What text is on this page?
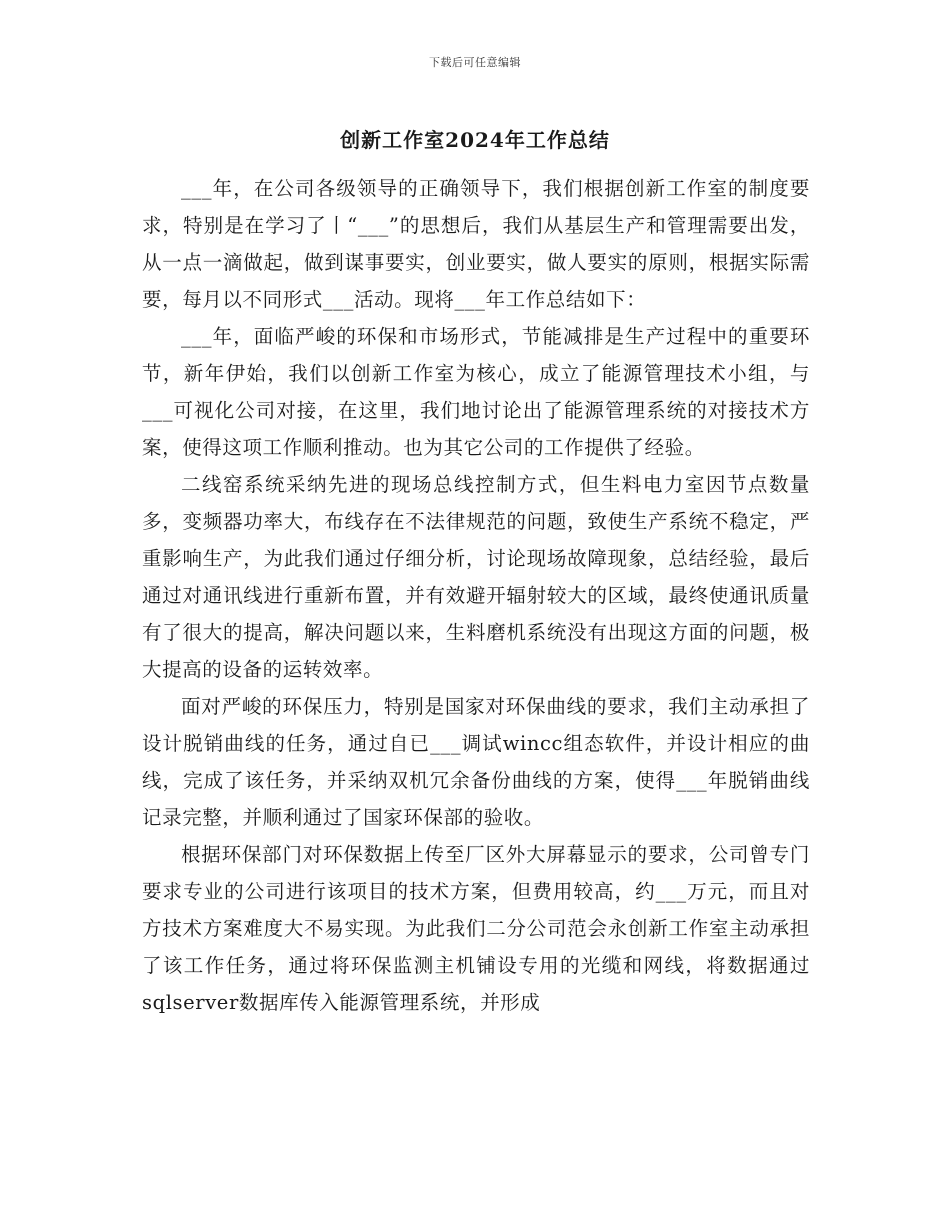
下载后可任意编辑
创新工作室2024年工作总结

___年，在公司各级领导的正确领导下，我们根据创新工作室的制度要求，特别是在学习了丨“___”的思想后，我们从基层生产和管理需要出发，从一点一滴做起，做到谋事要实，创业要实，做人要实的原则，根据实际需要，每月以不同形式___活动。现将___年工作总结如下：

___年，面临严峻的环保和市场形式，节能减排是生产过程中的重要环节，新年伊始，我们以创新工作室为核心，成立了能源管理技术小组，与___可视化公司对接，在这里，我们地讨论出了能源管理系统的对接技术方案，使得这项工作顺利推动。也为其它公司的工作提供了经验。

二线窑系统采纳先进的现场总线控制方式，但生料电力室因节点数量多，变频器功率大，布线存在不法律规范的问题，致使生产系统不稳定，严重影响生产，为此我们通过仔细分析，讨论现场故障现象，总结经验，最后通过对通讯线进行重新布置，并有效避开辐射较大的区域，最终使通讯质量有了很大的提高，解决问题以来，生料磨机系统没有出现这方面的问题，极大提高的设备的运转效率。

面对严峻的环保压力，特别是国家对环保曲线的要求，我们主动承担了设计脱销曲线的任务，通过自已___调试wincc组态软件，并设计相应的曲线，完成了该任务，并采纳双机冗余备份曲线的方案，使得___年脱销曲线记录完整，并顺利通过了国家环保部的验收。

根据环保部门对环保数据上传至厂区外大屏幕显示的要求，公司曾专门要求专业的公司进行该项目的技术方案，但费用较高，约___万元，而且对方技术方案难度大不易实现。为此我们二分公司范会永创新工作室主动承担了该工作任务，通过将环保监测主机铺设专用的光缆和网线，将数据通过sqlserver数据库传入能源管理系统，并形成
